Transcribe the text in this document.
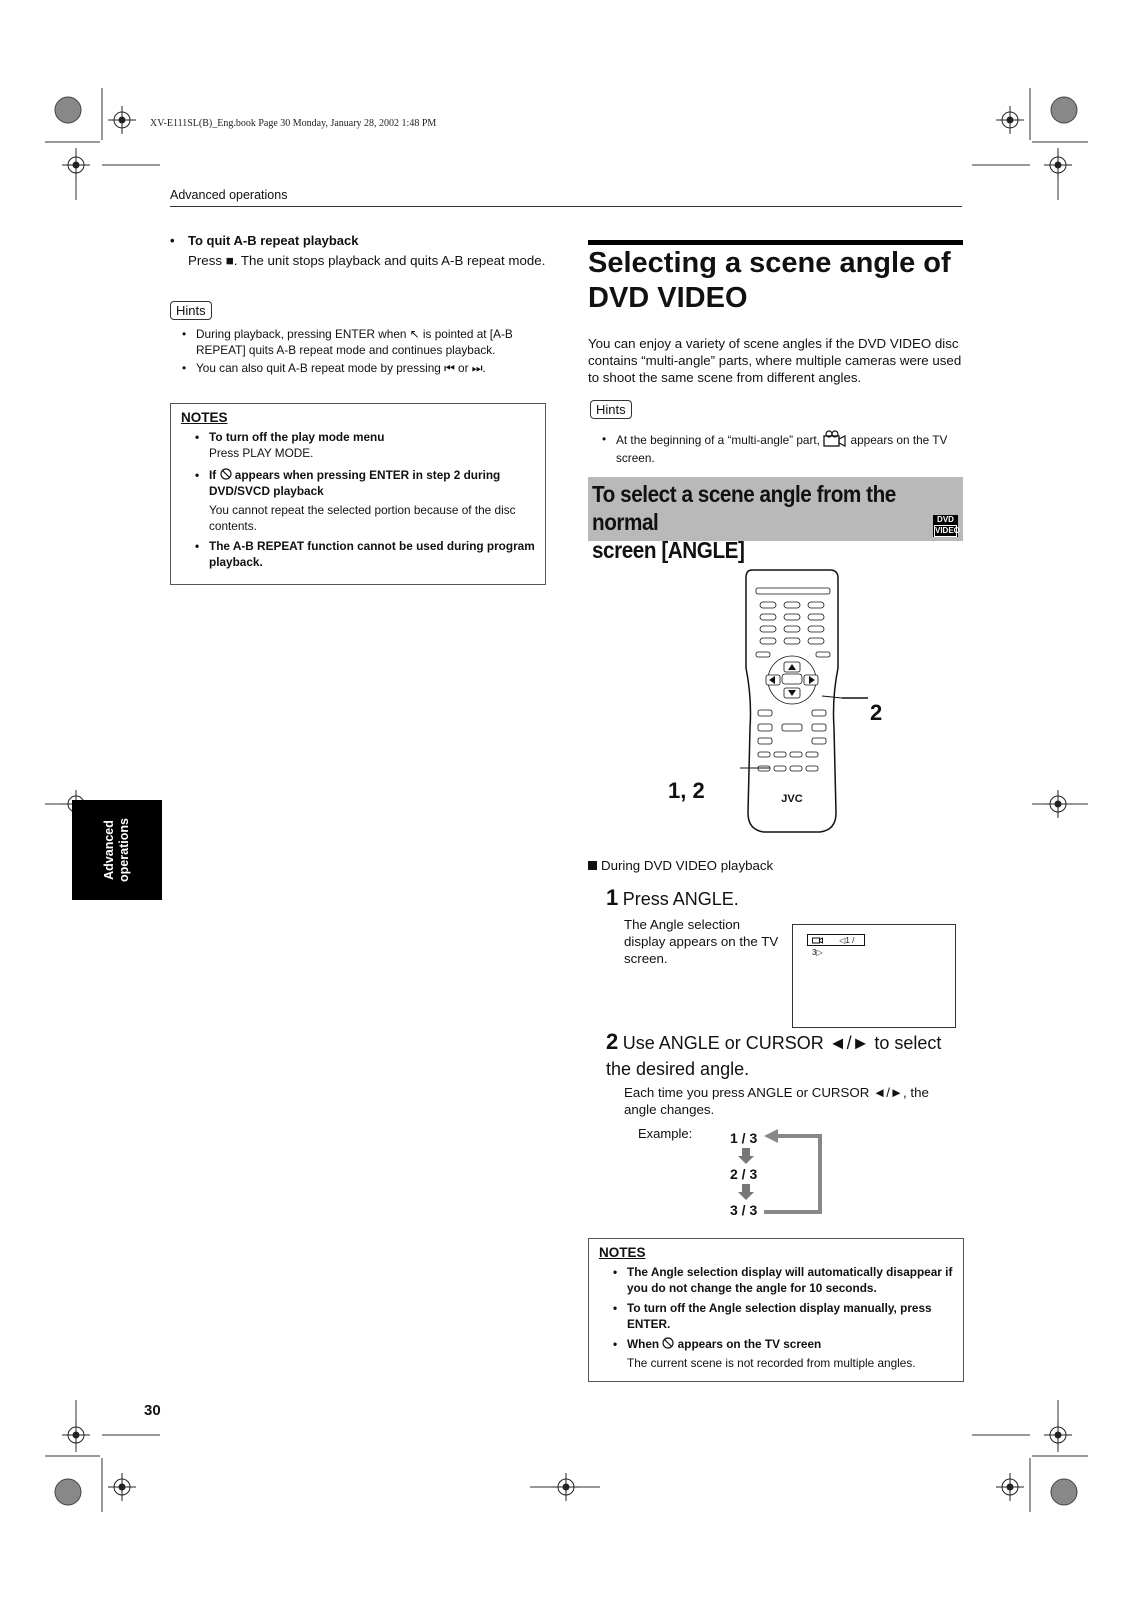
XV-E111SL(B)_Eng.book Page 30 Monday, January 28, 2002 1:48 PM
Advanced operations
• To quit A-B repeat playback
Press ■. The unit stops playback and quits A-B repeat mode.
Hints
• During playback, pressing ENTER when ↖ is pointed at [A-B REPEAT] quits A-B repeat mode and continues playback.
• You can also quit A-B repeat mode by pressing ⏮ or ⏭.
NOTES
• To turn off the play mode menu
Press PLAY MODE.
• If appears when pressing ENTER in step 2 during DVD/SVCD playback
You cannot repeat the selected portion because of the disc contents.
• The A-B REPEAT function cannot be used during program playback.
Advanced operations
Selecting a scene angle of
DVD VIDEO
You can enjoy a variety of scene angles if the DVD VIDEO disc contains “multi-angle” parts, where multiple cameras were used to shoot the same scene from different angles.
Hints
• At the beginning of a “multi-angle” part,	appears on the TV screen.
To select a scene angle from the normal
screen [ANGLE]
DVD
VIDEO
JVC
2
1, 2
During DVD VIDEO playback
1 Press ANGLE.
The Angle selection display appears on the TV screen.
◁1 / 3▷
2 Use ANGLE or CURSOR ◄/► to select the desired angle.
Each time you press ANGLE or CURSOR ◄/►, the angle changes.
Example:	1 / 3
2 / 3
3 / 3
NOTES
• The Angle selection display will automatically disappear if you do not change the angle for 10 seconds.
• To turn off the Angle selection display manually, press ENTER.
• When appears on the TV screen
The current scene is not recorded from multiple angles.
30
